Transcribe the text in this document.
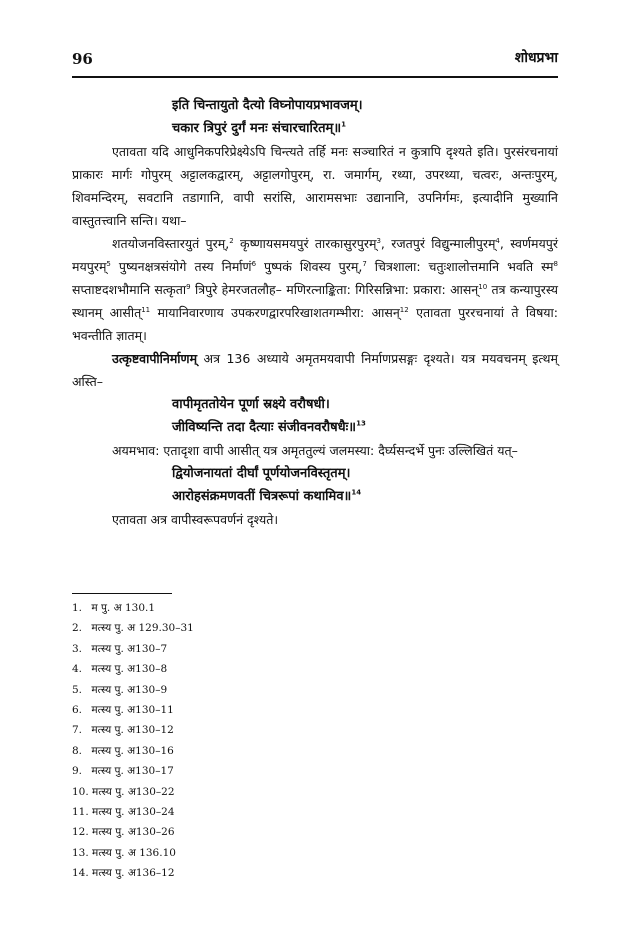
96	शोधप्रभा
इति चिन्तायुतो दैत्यो विघ्नोपायप्रभावजम्।
चकार त्रिपुरं दुर्गं मनः संचारचारितम्॥$^1$

एतावता यदि आधुनिकपरिप्रेक्ष्येऽपि चिन्त्यते तर्हि मनः सञ्चारितं न कुत्रापि दृश्यते इति। पुरसंरचनायां प्राकारः मार्गः गोपुरम् अट्टालकद्वारम्, अट्टालगोपुरम्, रा. जमार्गम्, रथ्या, उपरथ्या, चत्वरः, अन्तःपुरम्, शिवमन्दिरम्, सवटानि तडागानि, वापी सरांसि, आरामसभाः उद्यानानि, उपनिर्गमः, इत्यादीनि मुख्यानि वास्तुतत्त्वानि सन्ति। यथा–

शतयोजनविस्तारयुतं पुरम्,$^2$ कृष्णायसमयपुरं तारकासुरपुरम्$^3$, रजतपुरं विद्युन्मालीपुरम्$^4$, स्वर्णमयपुरं मयपुरम्$^5$ पुष्यनक्षत्रसंयोगे तस्य निर्माणं$^6$ पुष्पकं शिवस्य पुरम्,$^7$ चित्रशाला: चतुःशालोत्तमानि भवति स्म$^8$ सप्ताष्टदशभौमानि सत्कृता$^9$ त्रिपुरे हेमरजतलौह– मणिरत्नाङ्किता: गिरिसन्निभा: प्रकारा: आसन्$^{10}$ तत्र कन्यापुरस्य स्थानम् आसीत्$^{11}$ मायानिवारणाय उपकरणद्वारपरिखाशतगम्भीरा: आसन्$^{12}$ एतावता पुररचनायां ते विषया: भवन्तीति ज्ञातम्।

उत्कृष्टवापीनिर्माणम् अत्र 136 अध्याये अमृतमयवापी निर्माणप्रसङ्गः दृश्यते। यत्र मयवचनम् इत्थम् अस्ति–

वापीमृततोयेन पूर्णा स्रक्ष्ये वरौषधी।
जीविष्यन्ति तदा दैत्याः संजीवनवरौषधैः॥$^{13}$

अयमभाव: एतादृशा वापी आसीत् यत्र अमृततुल्यं जलमस्या: दैर्घ्यसन्दर्भे पुनः उल्लिखितं यत्–

द्वियोजनायतां दीर्घां पूर्णयोजनविस्तृतम्।
आरोहसंक्रमणवतीं चित्ररूपां कथामिव॥$^{14}$

एतावता अत्र वापीस्वरूपवर्णनं दृश्यते।

1. म पु. अ 130.1
2. मत्स्य पु. अ 129.30–31
3. मत्स्य पु. अ130–7
4. मत्स्य पु. अ130–8
5. मत्स्य पु. अ130–9
6. मत्स्य पु. अ130–11
7. मत्स्य पु. अ130–12
8. मत्स्य पु. अ130–16
9. मत्स्य पु. अ130–17
10. मत्स्य पु. अ130–22
11. मत्स्य पु. अ130–24
12. मत्स्य पु. अ130–26
13. मत्स्य पु. अ 136.10
14. मत्स्य पु. अ136–12
